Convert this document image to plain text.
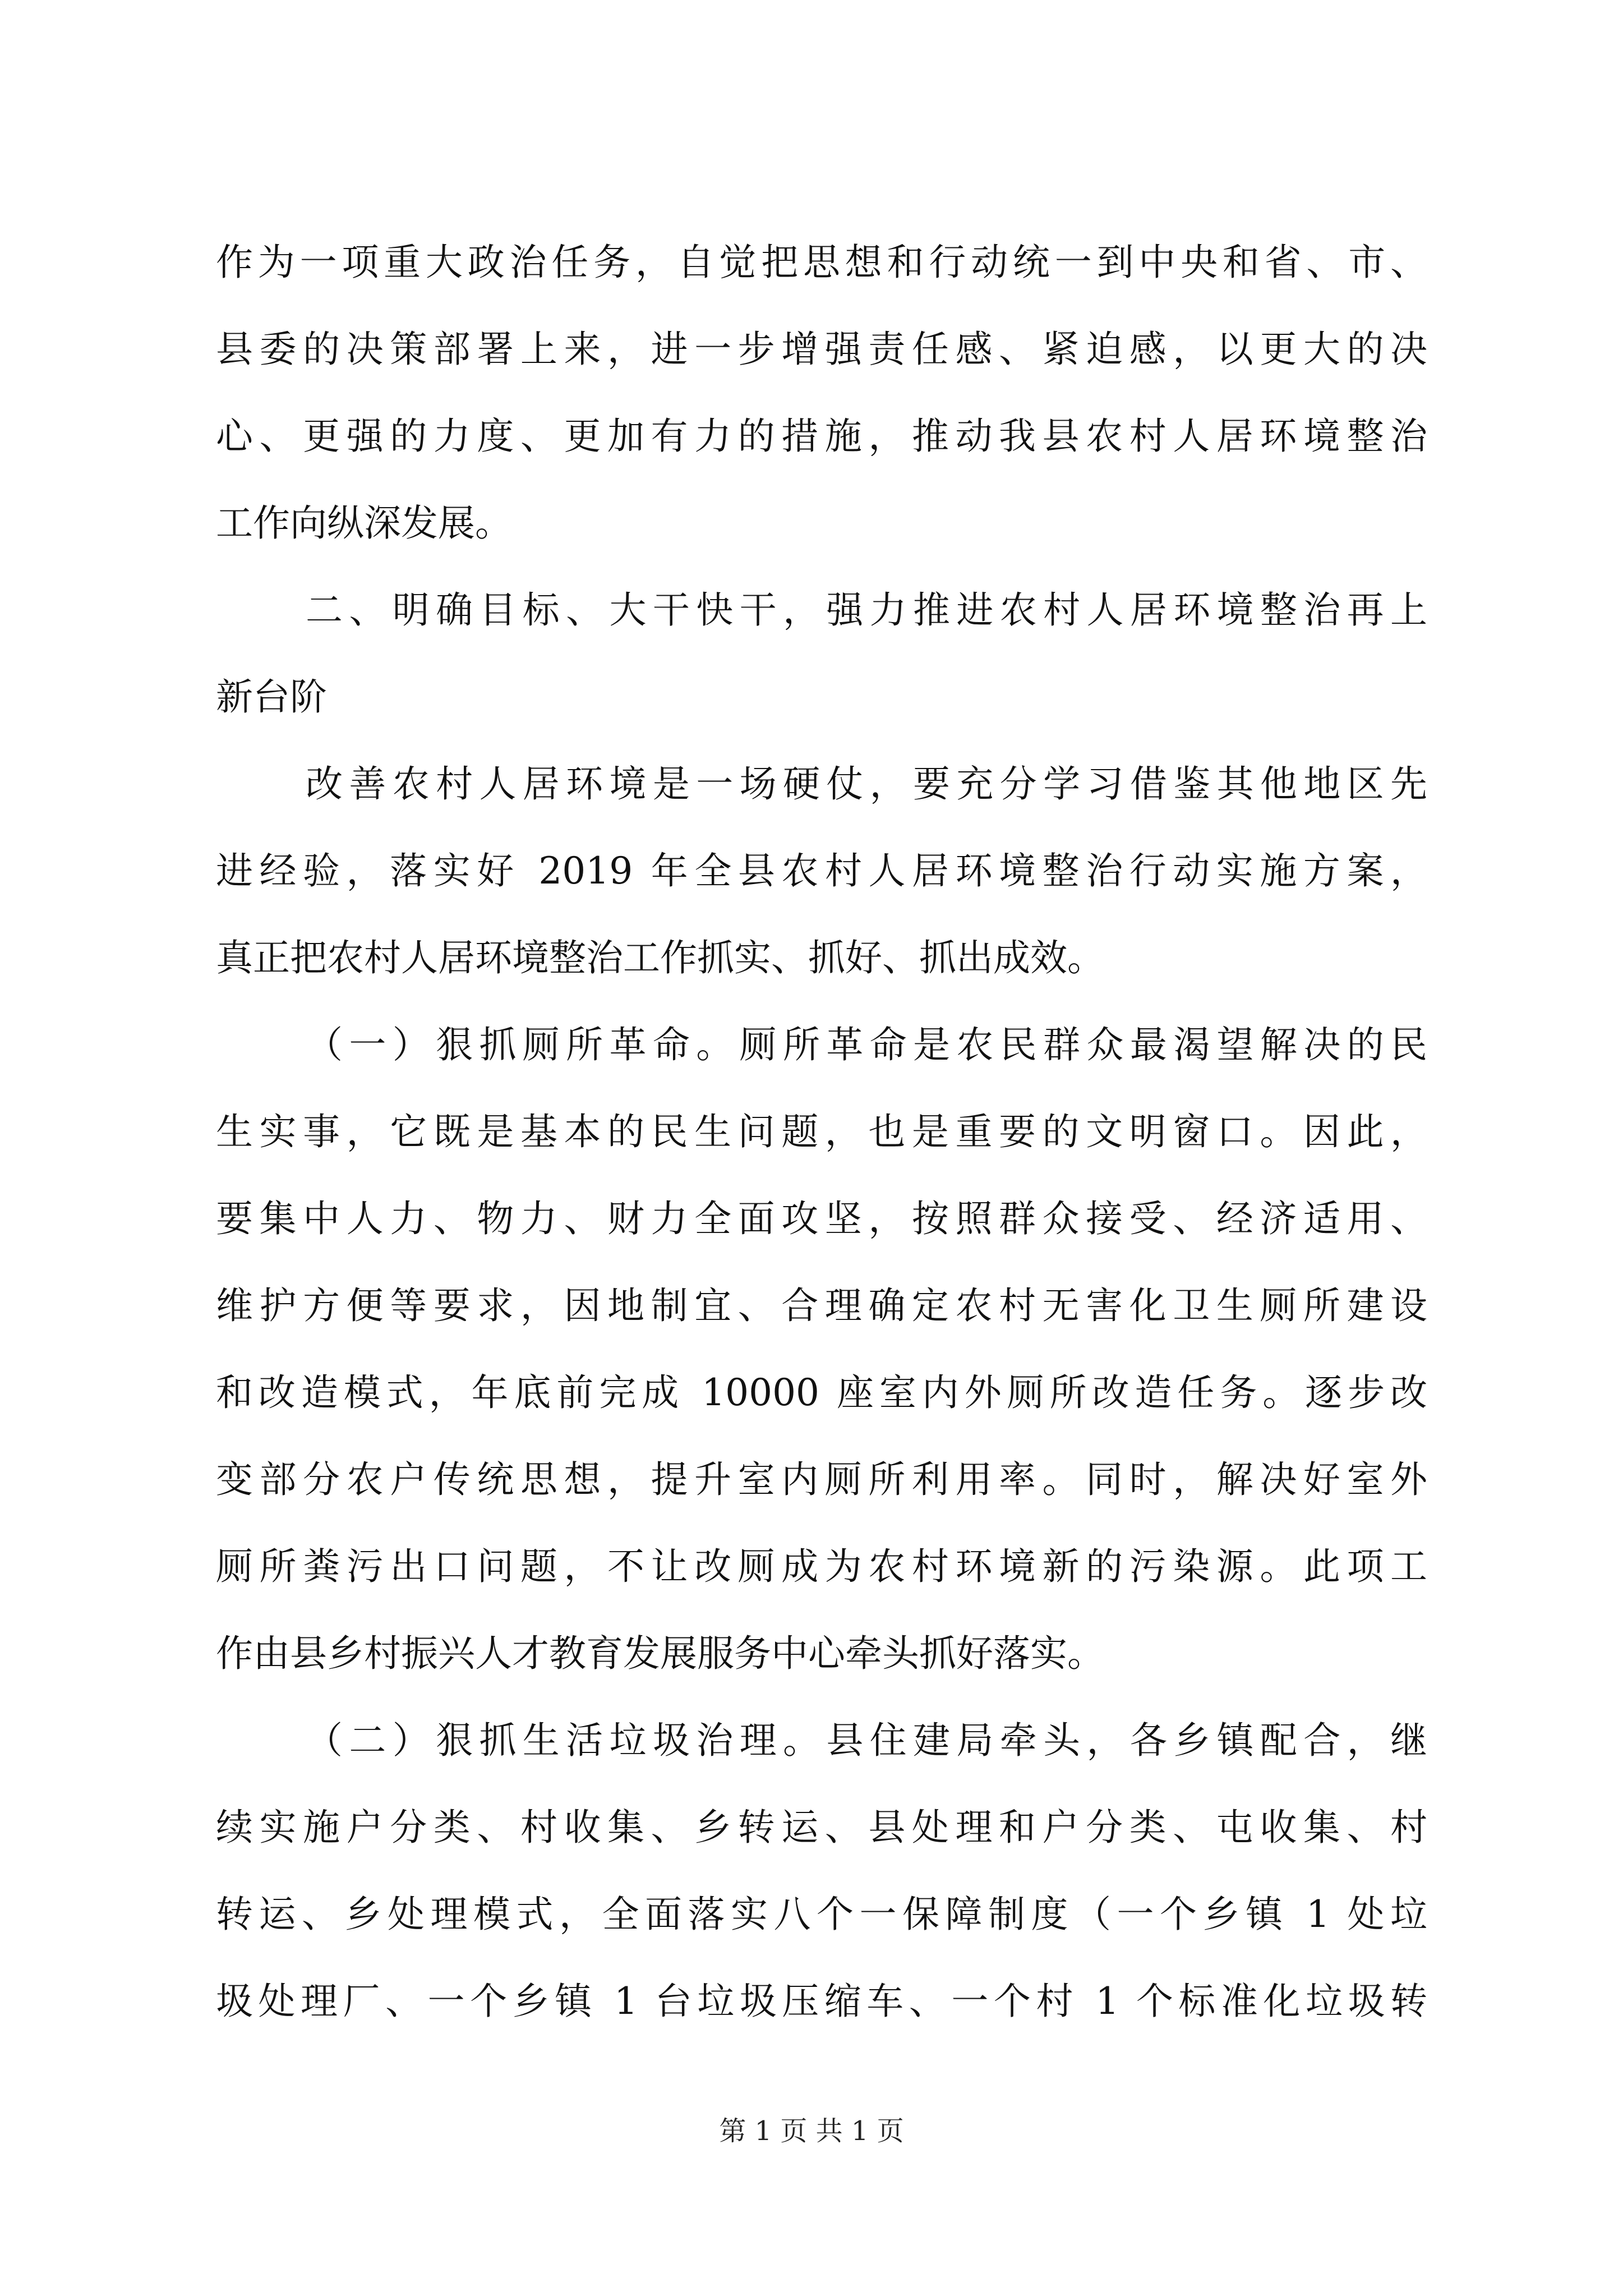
作为一项重大政治任务，自觉把思想和行动统一到中央和省、市、
县委的决策部署上来，进一步增强责任感、紧迫感，以更大的决
心、更强的力度、更加有力的措施，推动我县农村人居环境整治
工作向纵深发展。
二、明确目标、大干快干，强力推进农村人居环境整治再上
新台阶
改善农村人居环境是一场硬仗，要充分学习借鉴其他地区先
进经验，落实好 2019 年全县农村人居环境整治行动实施方案，
真正把农村人居环境整治工作抓实、抓好、抓出成效。
（一）狠抓厕所革命。厕所革命是农民群众最渴望解决的民
生实事，它既是基本的民生问题，也是重要的文明窗口。因此，
要集中人力、物力、财力全面攻坚，按照群众接受、经济适用、
维护方便等要求，因地制宜、合理确定农村无害化卫生厕所建设
和改造模式，年底前完成 10000 座室内外厕所改造任务。逐步改
变部分农户传统思想，提升室内厕所利用率。同时，解决好室外
厕所粪污出口问题，不让改厕成为农村环境新的污染源。此项工
作由县乡村振兴人才教育发展服务中心牵头抓好落实。
（二）狠抓生活垃圾治理。县住建局牵头，各乡镇配合，继
续实施户分类、村收集、乡转运、县处理和户分类、屯收集、村
转运、乡处理模式，全面落实八个一保障制度（一个乡镇 1 处垃
圾处理厂、一个乡镇 1 台垃圾压缩车、一个村 1 个标准化垃圾转
第 1 页 共 1 页
